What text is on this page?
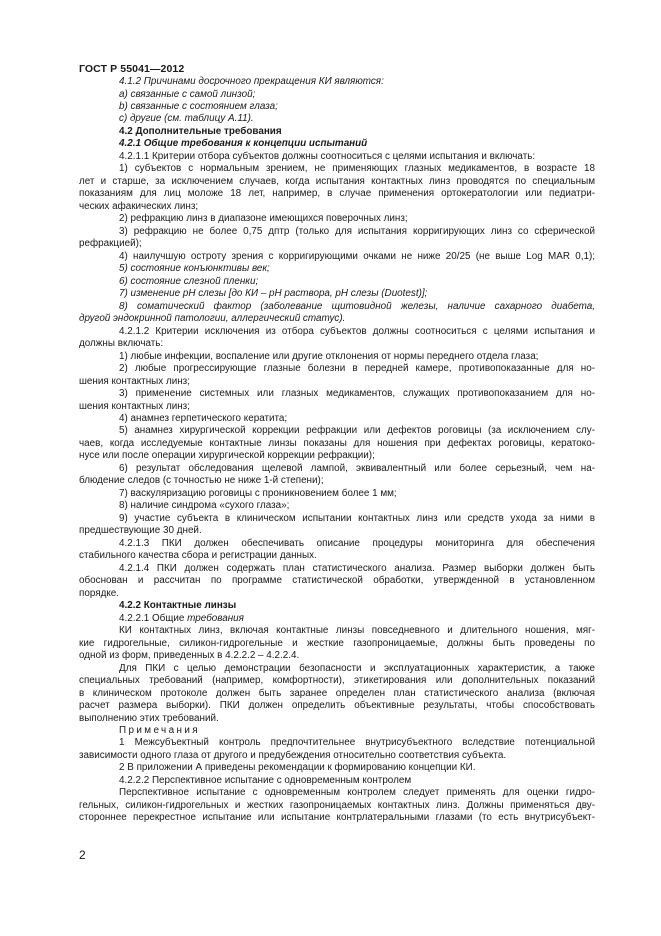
ГОСТ Р 55041—2012
4.1.2 Причинами досрочного прекращения КИ являются:
a) связанные с самой линзой;
b) связанные с состоянием глаза;
c) другие (см. таблицу А.11).
4.2 Дополнительные требования
4.2.1 Общие требования к концепции испытаний
4.2.1.1 Критерии отбора субъектов должны соотноситься с целями испытания и включать:
1) субъектов с нормальным зрением, не применяющих глазных медикаментов, в возрасте 18
лет и старше, за исключением случаев, когда испытания контактных линз проводятся по специальным
показаниям для лиц моложе 18 лет, например, в случае применения ортокератологии или педиатри-
ческих афакических линз;
2) рефракцию линз в диапазоне имеющихся поверочных линз;
3) рефракцию не более 0,75 дптр (только для испытания корригирующих линз со сферической
рефракцией);
4) наилучшую остроту зрения с корригирующими очками не ниже 20/25 (не выше Log MAR 0,1);
5) состояние конъюнктивы век;
6) состояние слезной пленки;
7) изменение рН слезы [до КИ – рН раствора, рН слезы (Duotest)];
8) соматический фактор (заболевание щитовидной железы, наличие сахарного диабета,
другой эндокринной патологии, аллергический статус).
4.2.1.2 Критерии исключения из отбора субъектов должны соотноситься с целями испытания и
должны включать:
1) любые инфекции, воспаление или другие отклонения от нормы переднего отдела глаза;
2) любые прогрессирующие глазные болезни в передней камере, противопоказанные для но-
шения контактных линз;
3) применение системных или глазных медикаментов, служащих противопоказанием для но-
шения контактных линз;
4) анамнез герпетического кератита;
5) анамнез хирургической коррекции рефракции или дефектов роговицы (за исключением слу-
чаев, когда исследуемые контактные линзы показаны для ношения при дефектах роговицы, кератоко-
нусе или после операции хирургической коррекции рефракции);
6) результат обследования щелевой лампой, эквивалентный или более серьезный, чем на-
блюдение следов (с точностью не ниже 1-й степени);
7) васкуляризацию роговицы с проникновением более 1 мм;
8) наличие синдрома «сухого глаза»;
9) участие субъекта в клиническом испытании контактных линз или средств ухода за ними в
предшествующие 30 дней.
4.2.1.3 ПКИ должен обеспечивать описание процедуры мониторинга для обеспечения
стабильного качества сбора и регистрации данных.
4.2.1.4 ПКИ должен содержать план статистического анализа. Размер выборки должен быть
обоснован и рассчитан по программе статистической обработки, утвержденной в установленном
порядке.
4.2.2 Контактные линзы
4.2.2.1 Общие требования
КИ контактных линз, включая контактные линзы повседневного и длительного ношения, мяг-
кие гидрогельные, силикон-гидрогельные и жесткие газопроницаемые, должны быть проведены по
одной из форм, приведенных в 4.2.2.2 – 4.2.2.4.
Для ПКИ с целью демонстрации безопасности и эксплуатационных характеристик, а также
специальных требований (например, комфортности), этикетирования или дополнительных показаний
в клиническом протоколе должен быть заранее определен план статистического анализа (включая
расчет размера выборки). ПКИ должен определить объективные результаты, чтобы способствовать
выполнению этих требований.
Примечания
1 Межсубъектный контроль предпочтительнее внутрисубъектного вследствие потенциальной
зависимости одного глаза от другого и предубеждения относительно соответствия субъекта.
2 В приложении А приведены рекомендации к формированию концепции КИ.
4.2.2.2 Перспективное испытание с одновременным контролем
Перспективное испытание с одновременным контролем следует применять для оценки гидро-
гельных, силикон-гидрогельных и жестких газопроницаемых контактных линз. Должны применяться дву-
стороннее перекрестное испытание или испытание контрлатеральными глазами (то есть внутрисубъект-
2
